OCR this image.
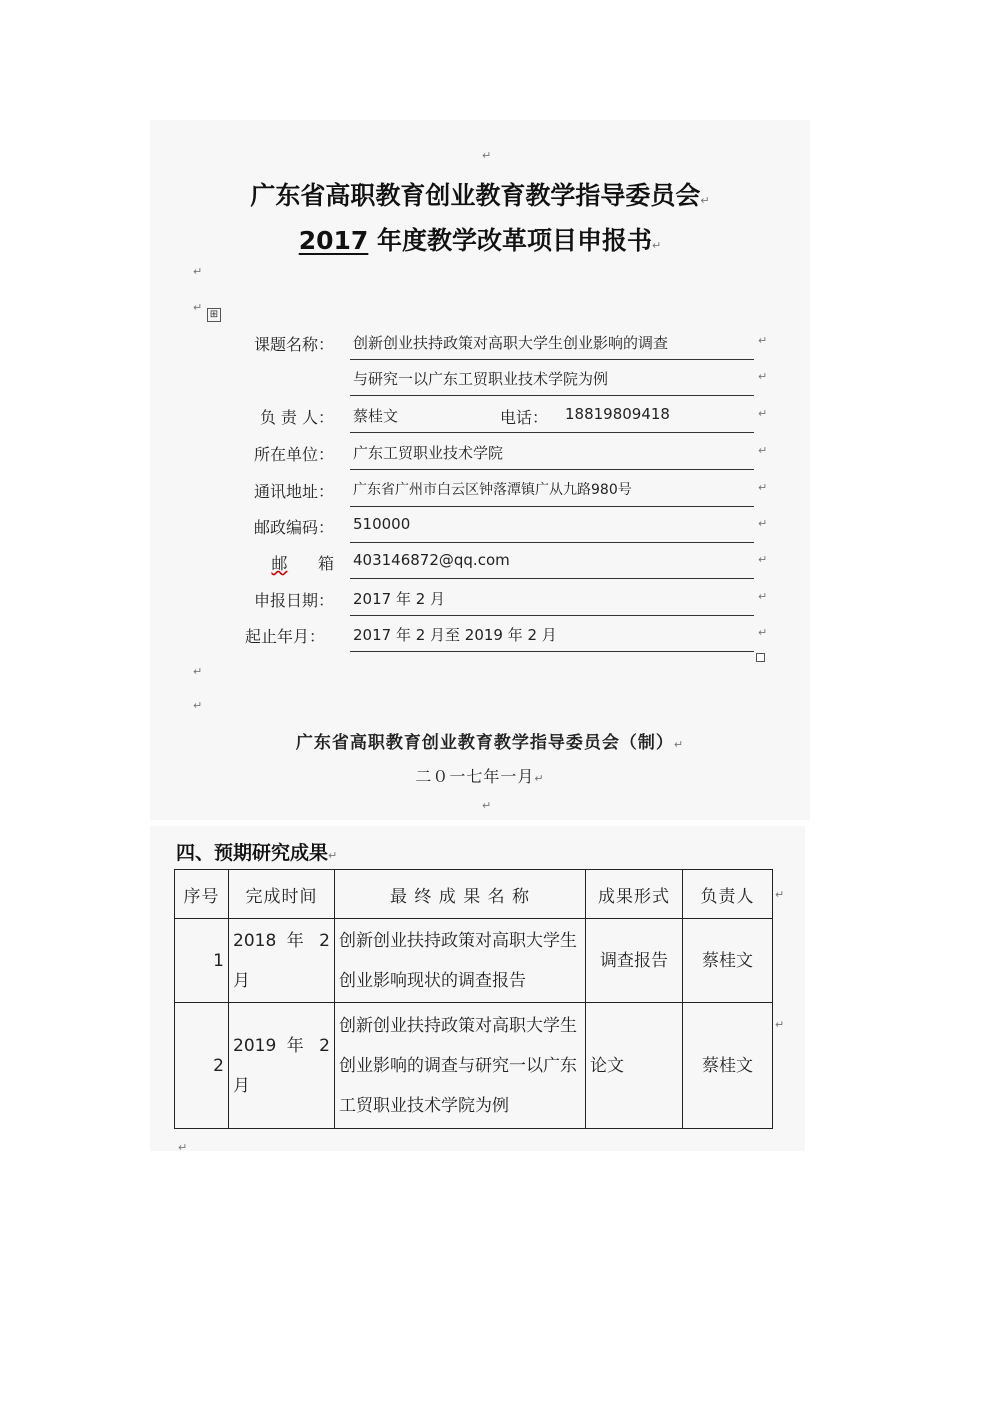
↵
广东省高职教育创业教育教学指导委员会↵
2017 年度教学改革项目申报书↵
↵
↵
⊞
课题名称： 创新创业扶持政策对高职大学生创业影响的调查	↵
与研究一以广东工贸职业技术学院为例	↵
负 责 人： 蔡桂文	电话： 18819809418	↵
所在单位： 广东工贸职业技术学院	↵
通讯地址： 广东省广州市白云区钟落潭镇广从九路980号	↵
邮政编码： 510000	↵
邮 箱 403146872@qq.com	↵
申报日期： 2017 年 2 月	↵
起止年月： 2017 年 2 月至 2019 年 2 月	↵
↵
↵
广东省高职教育创业教育教学指导委员会（制）↵
二０一七年一月↵
↵
四、预期研究成果↵
序号	完成时间	最 终 成 果 名 称	成果形式	负责人
1	2018 年 2 月	创新创业扶持政策对高职大学生创业影响现状的调查报告	调查报告	蔡桂文
2	2019 年 2 月	创新创业扶持政策对高职大学生创业影响的调查与研究一以广东工贸职业技术学院为例	论文	蔡桂文
↵
↵
↵
